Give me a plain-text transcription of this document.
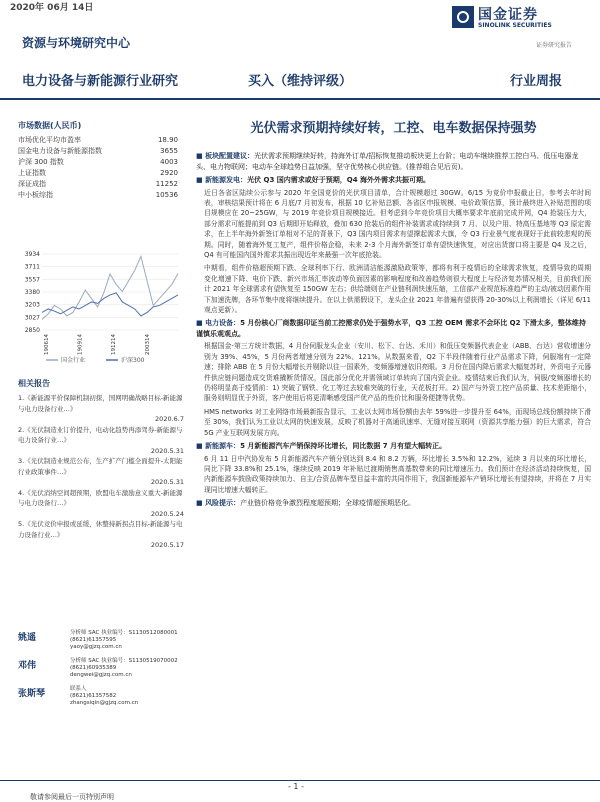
2020年 06月 14日
资源与环境研究中心
国金证券
SINOLINK SECURITIES
证券研究报告
电力设备与新能源行业研究	买入（维持评级）	行业周报
市场数据(人民币)
市场优化平均市盈率	18.90
国金电力设备与新能源指数	3655
沪深 300 指数	4003
上证指数	2920
深证成指	11252
中小板综指	10536
3934
3711
3557
3380
3203
3027
2850
190614	190914	191214	200314
国金行业	沪深300
相关报告
1.《新能源平价保障机制初探，国网明确战略目标-新能源与电力设备行业…》
2020.6.7
2.《光伏制造业订价提升，电动化趋势再添驾券-新能源与电力设备行业…》
2020.5.31
3.《光伏制造业规范公布，生产扩产门槛全面提升-太阳能行业政策事件…》
2020.5.31
4.《光伏消纳空间超预期，欧盟电车激励意义重大-新能源与电力设备行…》
2020.5.24
5.《光伏竞价申报或延缓，休整持新拐点目标-新能源与电力设备行业…》
2020.5.17
姚遥	分析师 SAC 执业编号：S1130512080001
(8621)61357595
yaoy@gjzq.com.cn
邓伟	分析师 SAC 执业编号：S1130519070002
(8621)60935389
dengwei@gjzq.com.cn
张斯琴	联系人
(8621)61357582
zhangsiqin@gjzq.com.cn
光伏需求预期持续好转，工控、电车数据保持强势
■ 板块配置建议：光伏需求预期继续好转，持海外订单/招标恢复推动板块更上台阶；电动车继续推荐工控白马、低压电器龙头、电力物联网；电动车全球趋势日益加强，坚守优势核心供应链。(推荐组合见后页)。
■ 新能源发电：光伏 Q3 国内需求或好于预期，Q4 海外外需求共振可期。
近日各省区陆续公示参与 2020 年全国竞价的光伏项目清单，合计规模超过 30GW。6/15 为竞价申报截止日，参考去年时间表，审核结果预计将在 6 月底/7 月初发布，根据 10 亿补贴总额、各省区申报规模、电价政策估算，预计最终进入补贴范围的项目规模应在 20~25GW，与 2019 年竞价项目规模接近。但考虑到今年竞价项目大概率要求年底前完成并网，Q4 抢装压力大，部分需求可能提前到 Q3 后期即开始释放，叠加 630 抢装后的组件补装需求或持续到 7 月、以及户用、特高压基地等 Q3 原定需求，在上半年海外新签订单相对不足的背景下，Q3 国内项目需求有望撑起需求大旗，令 Q3 行业景气度表现好于此前较悲观的预期。同时，随着海外复工复产，组件价格企稳，未来 2-3 个月海外新签订单有望快速恢复，对应出货窗口将主要是 Q4 及之后，Q4 有可能国内国外需求共振出现近年来最强一次年底抢装。
中期看，组件价格超预期下跌、全球利率下行、欧洲清洁能源激励政策等，都将有利于疫情后的全球需求恢复，疫情导致的周期变化增速下降、电价下跌、新兴市场汇率波动等负面因素的影响程度和改善趋势则很大程度上与经济复苏情况相关，目前我们预计 2021 年全球需求有望恢复至 150GW 左右；供给端则在产业链利润快速压缩，工信部产业规范标准趋严的主动/被动因素作用下加速洗牌，各环节集中度将继续提升。在以上供需假设下，龙头企业 2021 年普遍有望获得 20-30%以上利润增长（详见 6/11 观点更新）。
■ 电力设备：5 月份核心厂商数据印证当前工控需求仍处于强势水平，Q3 工控 OEM 需求不会环比 Q2 下滑太多，整体维持谨慎乐观观点。
根据国金-第三方统计数据，4 月份伺服龙头企业（安川、松下、台达、禾川）和低压变频器代表企业（ABB、台达）营收增速分别为 39%、45%，5 月份两者增速分别为 22%、121%。从数据来看，Q2 下半段伴随着行业产品需求下降，伺服端有一定降速；排除 ABB 在 5 月份大幅增长并剔除以往一国素外，变频器增速依旧亮眼。3 月份在国内降后需求大幅复苏时，外资电子元器件供应链问题造成交货难撬断货情况，国此部分优化并需领域订单转向了国内资企业。疫情结束后我们认为，伺服/变频器增长的仍将明显高于疫情前：1) 突破了钢铁、化工等过去较难突破的行业，天花板打开。2) 国产与外资工控产品质量、技术差距缩小，服务则明显优于外资，客户使用后将更清晰感受国产优产品的性价比和服务便捷等优势。
HMS networks 对工业网络市场最新报告显示，工业以太网市场份额由去年 59%进一步提升至 64%，而现场总线份额持续下滑至 30%，我们认为工业以太网的快速发展，反映了机器对于高通讯速率、无缝对接互联网（资源共享能力强）的巨大需求，符合 5G 产业互联网发展方向。
■ 新能源车：5 月新能源汽车产销保持环比增长，同比数据 7 月有望大幅转正。
6 月 11 日中汽协发布 5 月新能源汽车产销分别达到 8.4 和 8.2 万辆，环比增长 3.5%和 12.2%，延续 3 月以来的环比增长，同比下降 33.8%和 25.1%，继续反映 2019 年补贴过渡期销售高基数带来的同比增速压力。我们预计在经济活动持续恢复，国内新能源车鼓励政策持续加力、自主/合资品牌车型目益丰富的共同作用下，我国新能源车产销环比增长有望持续，并将在 7 月实现同比增速大幅转正。
■ 风险提示：产业链价格竞争激烈程度超预期；全球疫情超预期恶化。
- 1 -
敬请参阅最后一页特别声明
